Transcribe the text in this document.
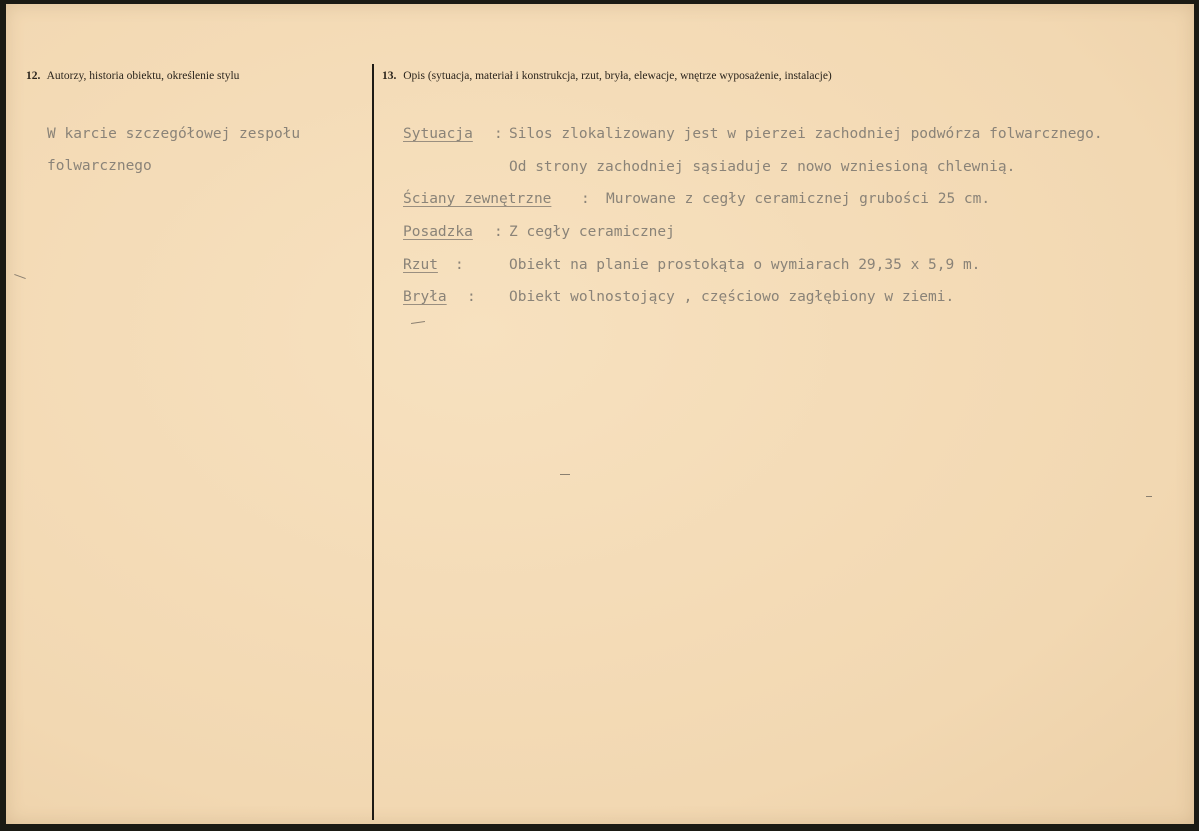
12. Autorzy, historia obiektu, określenie stylu	13. Opis (sytuacja, materiał i konstrukcja, rzut, bryła, elewacje, wnętrze wyposażenie, instalacje)
W karcie szczegółowej zespołu
folwarcznego
Sytuacja : Silos zlokalizowany jest w pierzei zachodniej podwórza folwarcznego.
Od strony zachodniej sąsiaduje z nowo wzniesioną chlewnią.
Ściany zewnętrzne : Murowane z cegły ceramicznej grubości 25 cm.
Posadzka : Z cegły ceramicznej
Rzut :	Obiekt na planie prostokąta o wymiarach 29,35 x 5,9 m.
Bryła : Obiekt wolnostojący , częściowo zagłębiony w ziemi.
